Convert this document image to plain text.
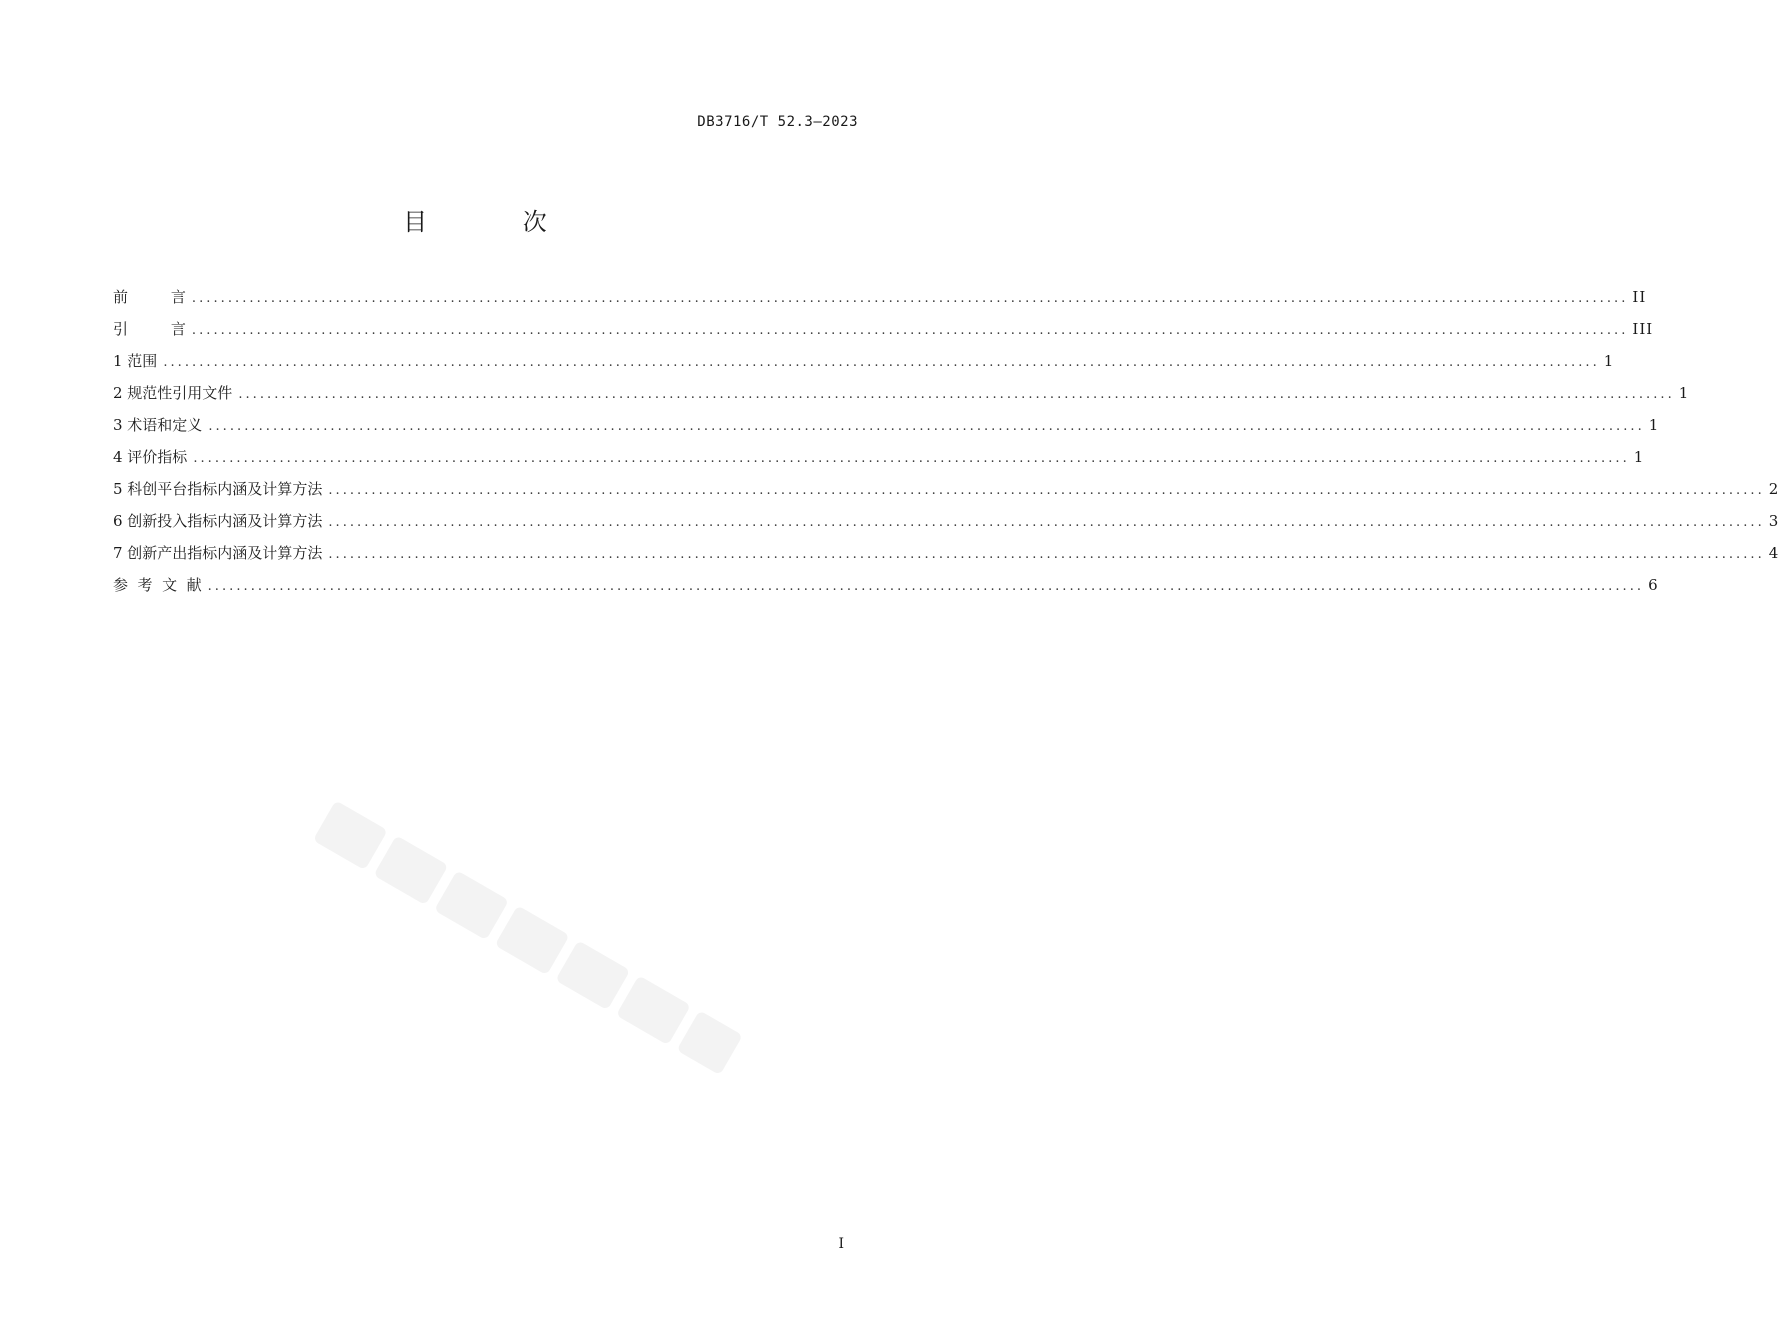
DB3716/T 52.3—2023
目 次
前         言 ........................................................................................................................................................................................................ II
引         言 ........................................................................................................................................................................................................ III
1 范围 ........................................................................................................................................................................................................ 1
2 规范性引用文件 ........................................................................................................................................................................................................ 1
3 术语和定义 ........................................................................................................................................................................................................ 1
4 评价指标 ........................................................................................................................................................................................................ 1
5 科创平台指标内涵及计算方法 ........................................................................................................................................................................................................ 2
6 创新投入指标内涵及计算方法 ........................................................................................................................................................................................................ 3
7 创新产出指标内涵及计算方法 ........................................................................................................................................................................................................ 4
参  考  文  献 ........................................................................................................................................................................................................ 6
I
